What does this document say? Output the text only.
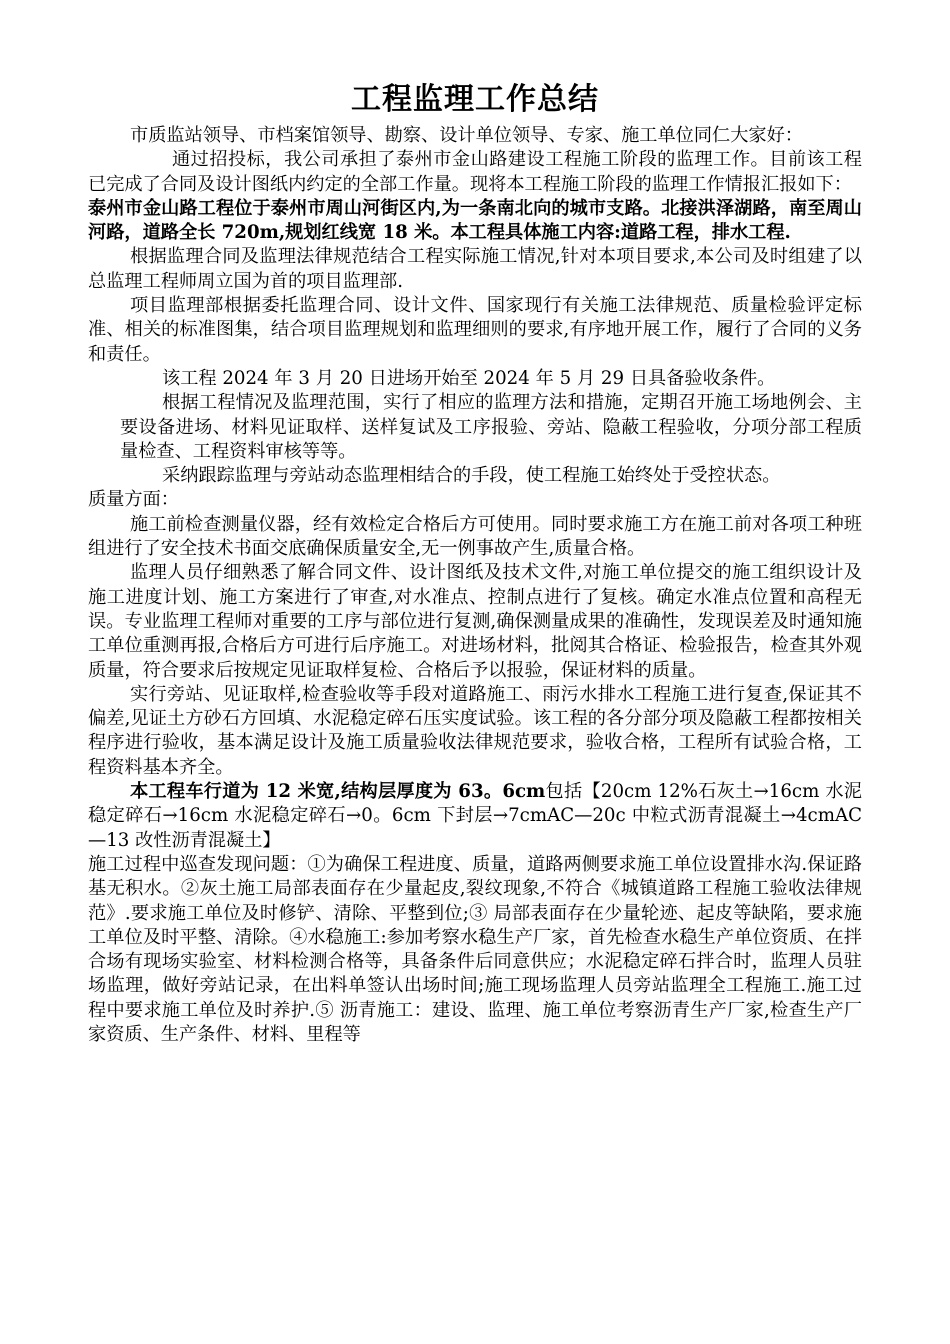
工程监理工作总结

市质监站领导、市档案馆领导、勘察、设计单位领导、专家、施工单位同仁大家好：

通过招投标，我公司承担了泰州市金山路建设工程施工阶段的监理工作。目前该工程已完成了合同及设计图纸内约定的全部工作量。现将本工程施工阶段的监理工作情报汇报如下：

泰州市金山路工程位于泰州市周山河街区内,为一条南北向的城市支路。北接洪泽湖路，南至周山河路，道路全长 720m,规划红线宽 18 米。本工程具体施工内容:道路工程，排水工程.

根据监理合同及监理法律规范结合工程实际施工情况,针对本项目要求,本公司及时组建了以总监理工程师周立国为首的项目监理部.

项目监理部根据委托监理合同、设计文件、国家现行有关施工法律规范、质量检验评定标准、相关的标准图集，结合项目监理规划和监理细则的要求,有序地开展工作，履行了合同的义务和责任。

该工程 2024 年 3 月 20 日进场开始至 2024 年 5 月 29 日具备验收条件。

根据工程情况及监理范围，实行了相应的监理方法和措施，定期召开施工场地例会、主要设备进场、材料见证取样、送样复试及工序报验、旁站、隐蔽工程验收，分项分部工程质量检查、工程资料审核等等。

采纳跟踪监理与旁站动态监理相结合的手段，使工程施工始终处于受控状态。

质量方面：

施工前检查测量仪器，经有效检定合格后方可使用。同时要求施工方在施工前对各项工种班组进行了安全技术书面交底确保质量安全,无一例事故产生,质量合格。

监理人员仔细熟悉了解合同文件、设计图纸及技术文件,对施工单位提交的施工组织设计及施工进度计划、施工方案进行了审查,对水准点、控制点进行了复核。确定水准点位置和高程无误。专业监理工程师对重要的工序与部位进行复测,确保测量成果的准确性，发现误差及时通知施工单位重测再报,合格后方可进行后序施工。对进场材料，批阅其合格证、检验报告，检查其外观质量，符合要求后按规定见证取样复检、合格后予以报验，保证材料的质量。

实行旁站、见证取样,检查验收等手段对道路施工、雨污水排水工程施工进行复查,保证其不偏差,见证土方砂石方回填、水泥稳定碎石压实度试验。该工程的各分部分项及隐蔽工程都按相关程序进行验收，基本满足设计及施工质量验收法律规范要求，验收合格，工程所有试验合格，工程资料基本齐全。

本工程车行道为 12 米宽,结构层厚度为 63。6cm包括【20cm 12%石灰土→16cm 水泥稳定碎石→16cm 水泥稳定碎石→0。6cm 下封层→7cmAC—20c 中粒式沥青混凝土→4cmAC—13 改性沥青混凝土】

施工过程中巡查发现问题：①为确保工程进度、质量，道路两侧要求施工单位设置排水沟.保证路基无积水。②灰土施工局部表面存在少量起皮,裂纹现象,不符合《城镇道路工程施工验收法律规范》.要求施工单位及时修铲、清除、平整到位;③ 局部表面存在少量轮迹、起皮等缺陷，要求施工单位及时平整、清除。④水稳施工:参加考察水稳生产厂家，首先检查水稳生产单位资质、在拌合场有现场实验室、材料检测合格等，具备条件后同意供应；水泥稳定碎石拌合时，监理人员驻场监理，做好旁站记录，在出料单签认出场时间;施工现场监理人员旁站监理全工程施工.施工过程中要求施工单位及时养护.⑤ 沥青施工：建设、监理、施工单位考察沥青生产厂家,检查生产厂家资质、生产条件、材料、里程等
